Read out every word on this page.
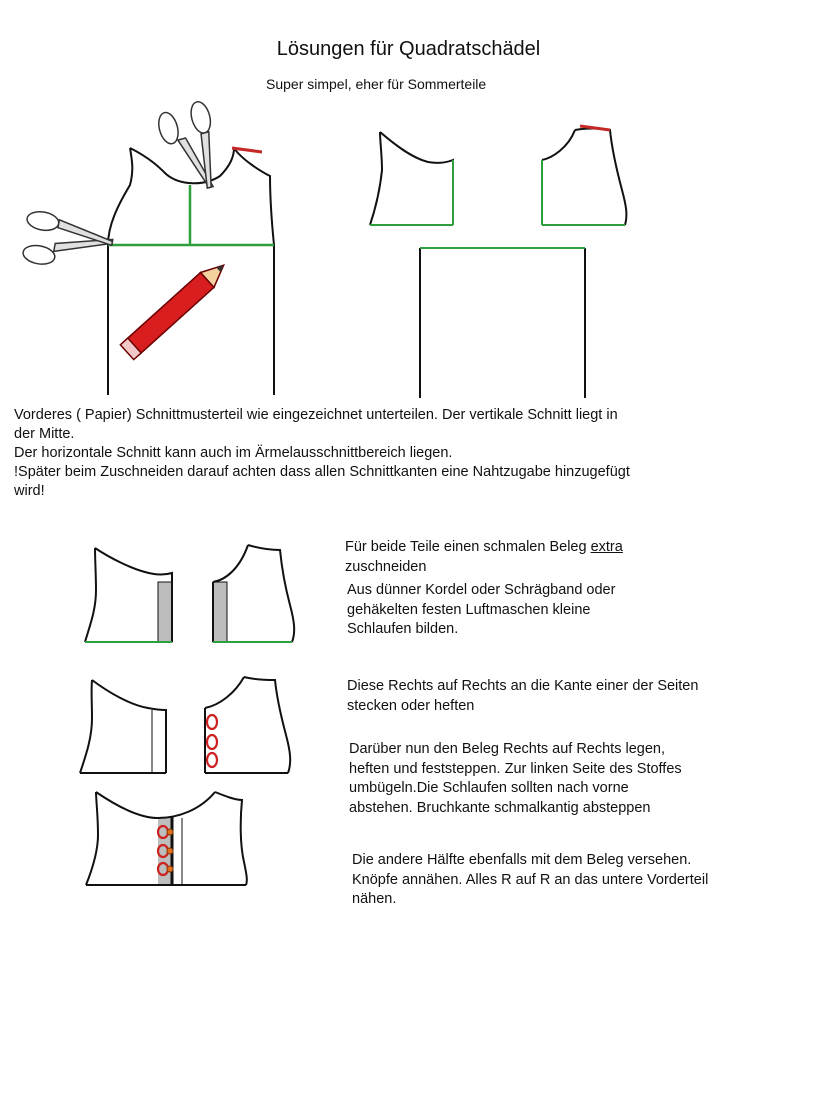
Lösungen für Quadratschädel
Super simpel, eher für Sommerteile
Vorderes ( Papier) Schnittmusterteil wie eingezeichnet unterteilen. Der vertikale Schnitt liegt in
der Mitte.
Der horizontale Schnitt kann auch im Ärmelausschnittbereich liegen.
!Später beim Zuschneiden darauf achten dass allen Schnittkanten eine Nahtzugabe hinzugefügt
wird!
Für beide Teile einen schmalen Beleg extra
zuschneiden
Aus dünner Kordel oder Schrägband oder
gehäkelten festen Luftmaschen kleine
Schlaufen bilden.
Diese Rechts auf Rechts an die Kante einer der Seiten
stecken oder heften
Darüber nun den Beleg Rechts auf Rechts legen,
heften und feststeppen. Zur linken Seite des Stoffes
umbügeln.Die Schlaufen sollten nach vorne
abstehen. Bruchkante schmalkantig absteppen
Die andere Hälfte ebenfalls mit dem Beleg versehen.
Knöpfe annähen. Alles R auf R an das untere Vorderteil
nähen.
